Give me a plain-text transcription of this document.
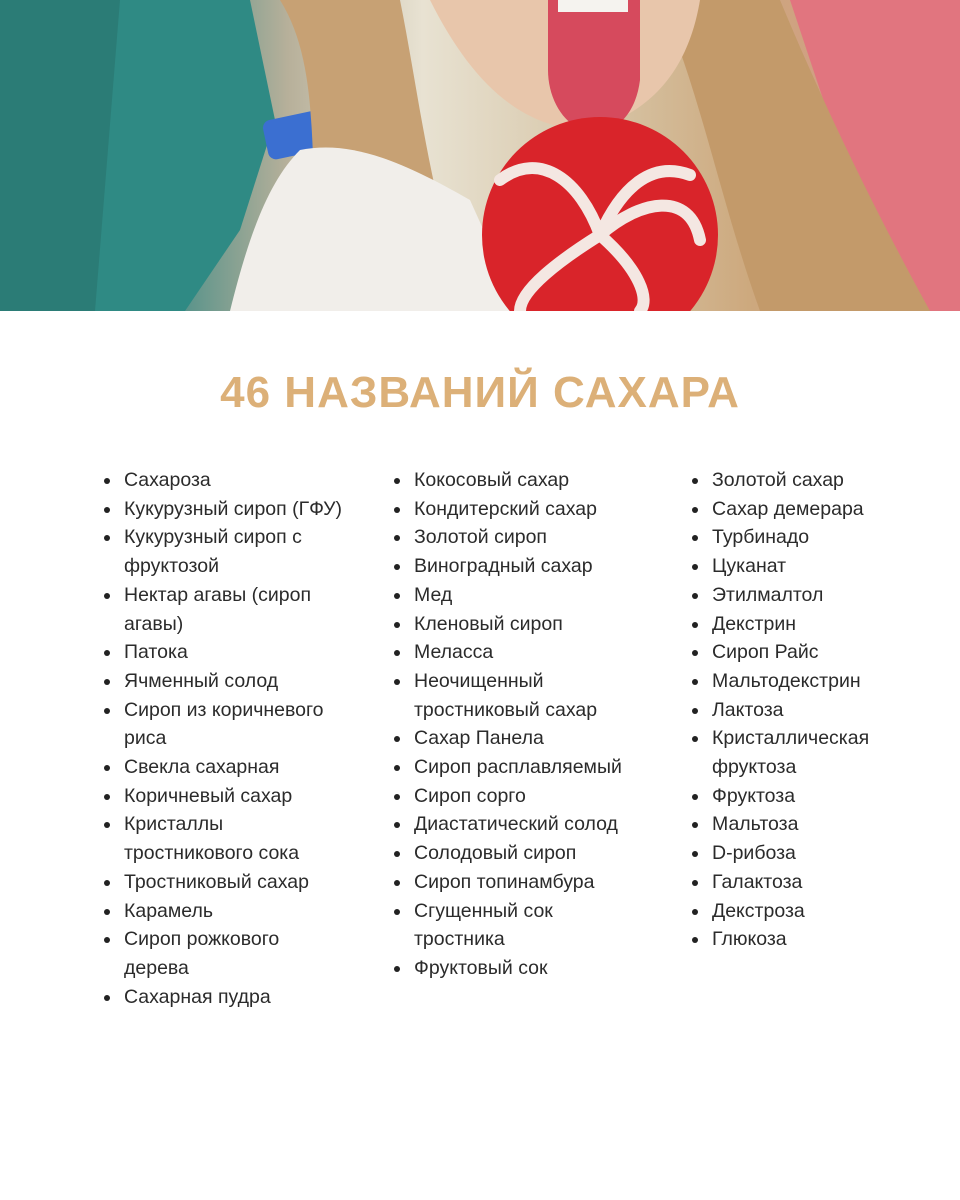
46 НАЗВАНИЙ САХАРА
Сахароза
Кукурузный сироп (ГФУ)
Кукурузный сироп с фруктозой
Нектар агавы (сироп агавы)
Патока
Ячменный солод
Сироп из коричневого риса
Свекла сахарная
Коричневый сахар
Кристаллы тростникового сока
Тростниковый сахар
Карамель
Сироп рожкового дерева
Сахарная пудра
Кокосовый сахар
Кондитерский сахар
Золотой сироп
Виноградный сахар
Мед
Кленовый сироп
Меласса
Неочищенный тростниковый сахар
Сахар Панела
Сироп расплавляемый
Сироп сорго
Диастатический солод
Солодовый сироп
Сироп топинамбура
Сгущенный сок тростника
Фруктовый сок
Золотой сахар
Сахар демерара
Турбинадо
Цуканат
Этилмалтол
Декстрин
Сироп Райс
Мальтодекстрин
Лактоза
Кристаллическая фруктоза
Фруктоза
Мальтоза
D-рибоза
Галактоза
Декстроза
Глюкоза
